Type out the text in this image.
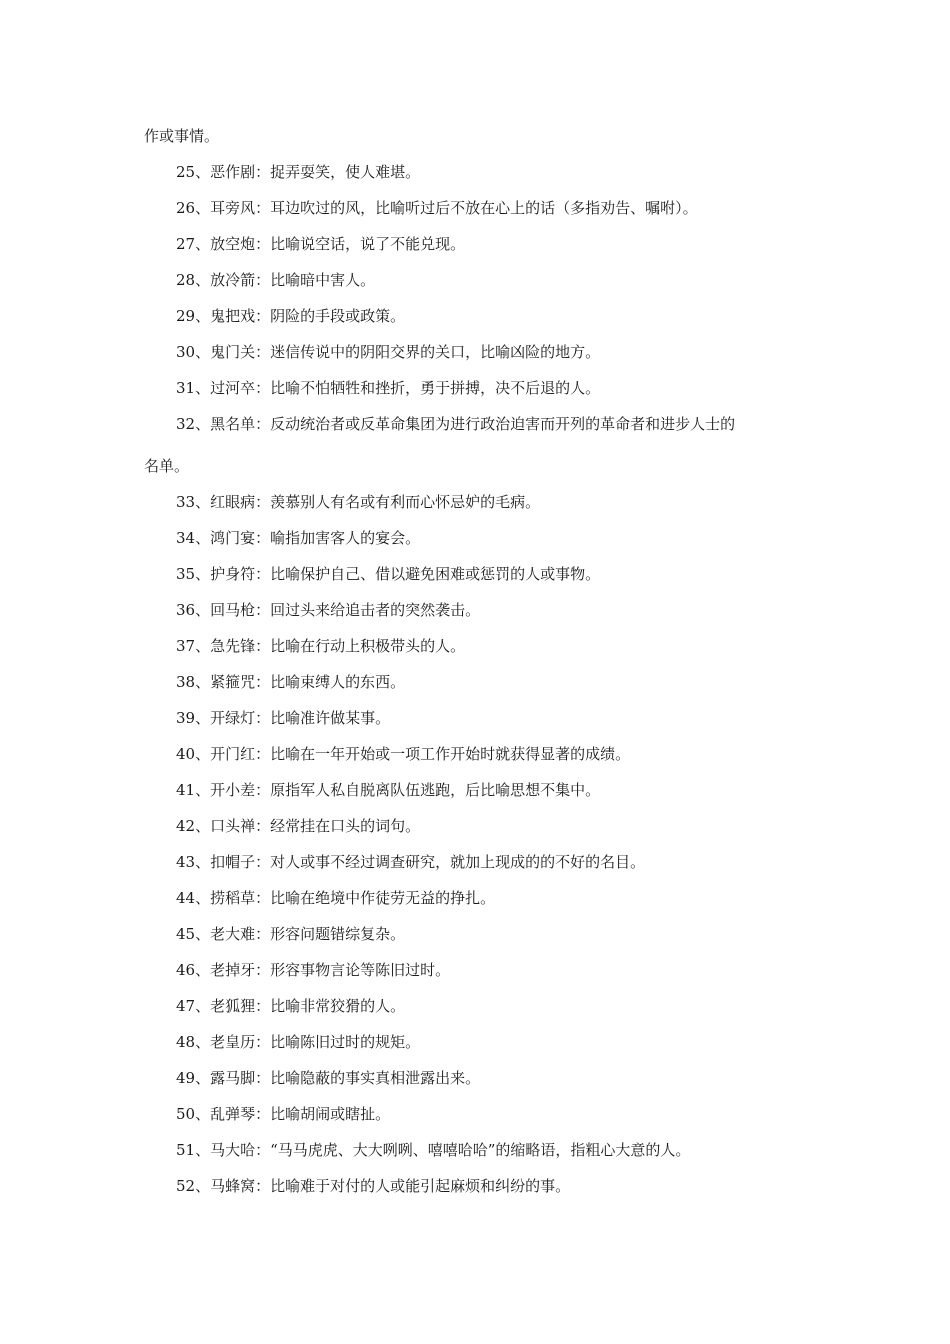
作或事情。
25、恶作剧：捉弄耍笑，使人难堪。
26、耳旁风：耳边吹过的风，比喻听过后不放在心上的话（多指劝告、嘱咐）。
27、放空炮：比喻说空话，说了不能兑现。
28、放冷箭：比喻暗中害人。
29、鬼把戏：阴险的手段或政策。
30、鬼门关：迷信传说中的阴阳交界的关口，比喻凶险的地方。
31、过河卒：比喻不怕牺牲和挫折，勇于拼搏，决不后退的人。
32、黑名单：反动统治者或反革命集团为进行政治迫害而开列的革命者和进步人士的
名单。
33、红眼病：羡慕别人有名或有利而心怀忌妒的毛病。
34、鸿门宴：喻指加害客人的宴会。
35、护身符：比喻保护自己、借以避免困难或惩罚的人或事物。
36、回马枪：回过头来给追击者的突然袭击。
37、急先锋：比喻在行动上积极带头的人。
38、紧箍咒：比喻束缚人的东西。
39、开绿灯：比喻准许做某事。
40、开门红：比喻在一年开始或一项工作开始时就获得显著的成绩。
41、开小差：原指军人私自脱离队伍逃跑，后比喻思想不集中。
42、口头禅：经常挂在口头的词句。
43、扣帽子：对人或事不经过调查研究，就加上现成的的不好的名目。
44、捞稻草：比喻在绝境中作徒劳无益的挣扎。
45、老大难：形容问题错综复杂。
46、老掉牙：形容事物言论等陈旧过时。
47、老狐狸：比喻非常狡猾的人。
48、老皇历：比喻陈旧过时的规矩。
49、露马脚：比喻隐蔽的事实真相泄露出来。
50、乱弹琴：比喻胡闹或瞎扯。
51、马大哈：“马马虎虎、大大咧咧、嘻嘻哈哈”的缩略语，指粗心大意的人。
52、马蜂窝：比喻难于对付的人或能引起麻烦和纠纷的事。
